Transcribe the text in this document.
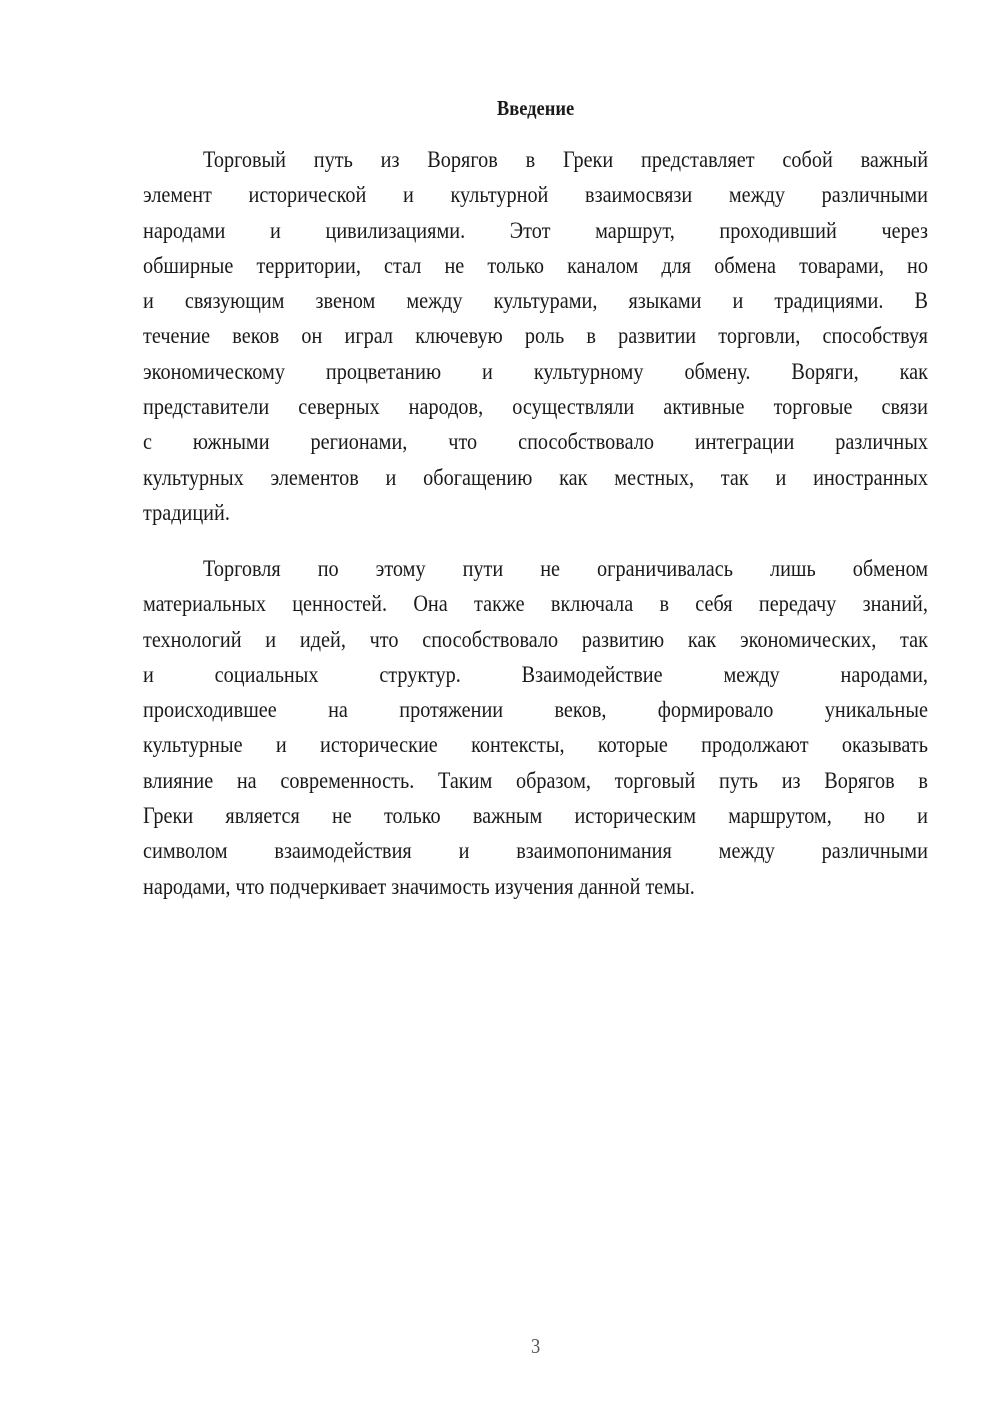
Введение
Торговый путь из Ворягов в Греки представляет собой важный
элемент исторической и культурной взаимосвязи между различными
народами и цивилизациями. Этот маршрут, проходивший через
обширные территории, стал не только каналом для обмена товарами, но
и связующим звеном между культурами, языками и традициями. В
течение веков он играл ключевую роль в развитии торговли, способствуя
экономическому процветанию и культурному обмену. Воряги, как
представители северных народов, осуществляли активные торговые связи
с южными регионами, что способствовало интеграции различных
культурных элементов и обогащению как местных, так и иностранных
традиций.
Торговля по этому пути не ограничивалась лишь обменом
материальных ценностей. Она также включала в себя передачу знаний,
технологий и идей, что способствовало развитию как экономических, так
и социальных структур. Взаимодействие между народами,
происходившее на протяжении веков, формировало уникальные
культурные и исторические контексты, которые продолжают оказывать
влияние на современность. Таким образом, торговый путь из Ворягов в
Греки является не только важным историческим маршрутом, но и
символом взаимодействия и взаимопонимания между различными
народами, что подчеркивает значимость изучения данной темы.
3
